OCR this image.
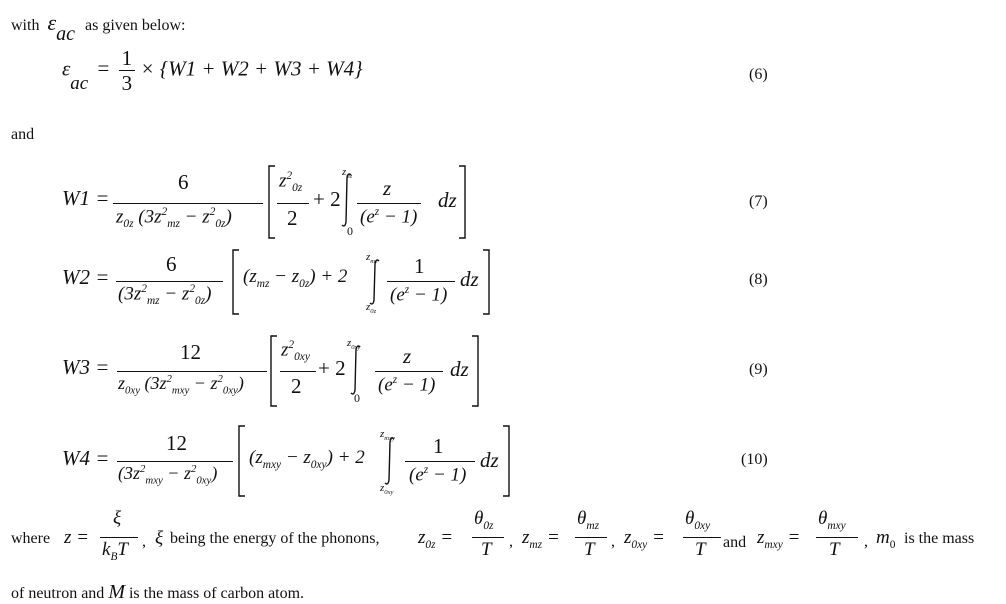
with εac as given below:
$\varepsilon ac = \frac{1}{3} \times \{W1 + W2 + W3 + W4\}$	(6)
and
W1 =
6
$z_{0z}$ $(3z^2_{mz} - z^2_{0z})$
$z^2_{0z}$
2
+ 2
$z_{0z}$
0
z
$(e^z - 1)$
dz	(7)
W2 =
6
$(3z^2_{mz} - z^2_{0z})$
$(z_{mz} - z_{0z}) + 2$
$z_{mz}$
$z_{0z}$
1
$(e^z - 1)$
dz	(8)
W3 =
12
$z_{0xy}$ $(3z^2_{mxy} - z^2_{0xy})$
$z^2_{0xy}$
2
+ 2
$z_{0xy}$
0
z
$(e^z - 1)$
dz	(9)
W4 =
12
$(3z^2_{mxy} - z^2_{0xy})$
$(z_{mxy} - z_{0xy}) + 2$
$z_{mxy}$
$z_{0xy}$
1
$(e^z - 1)$
dz	(10)
where z =
ξ
$k_BT$ , ξ being the energy of the phonons, $z_{0z}$ =
$\theta_{0z}$
T , $z_{mz}$ =
$\theta_{mz}$
T , $z_{0xy}$ =
$\theta_{0xy}$
T and $z_{mxy}$ =
$\theta_{mxy}$
T , $m_0$ is the mass
of neutron and M is the mass of carbon atom.
